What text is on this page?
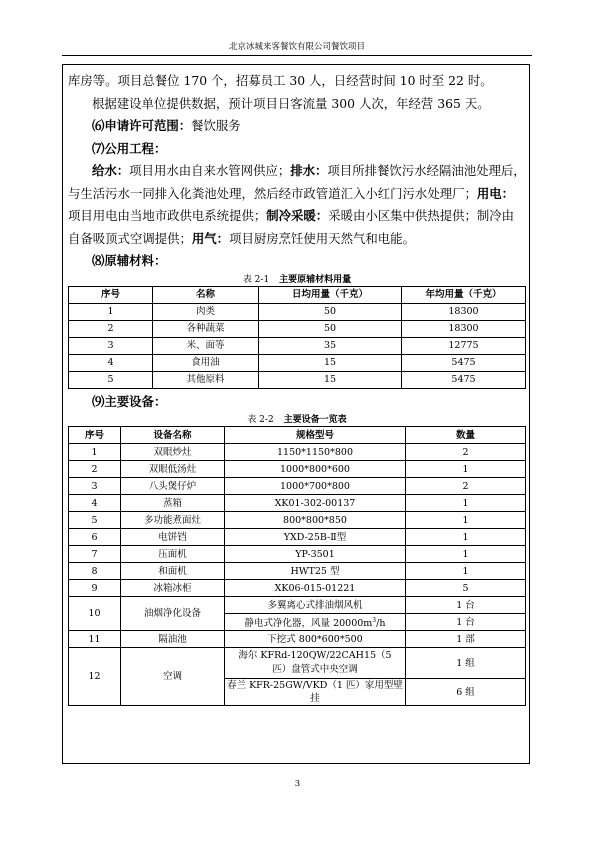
北京冰城来客餐饮有限公司餐饮项目

库房等。项目总餐位 170 个，招募员工 30 人，日经营时间 10 时至 22 时。

根据建设单位提供数据，预计项目日客流量 300 人次，年经营 365 天。

⑹申请许可范围：餐饮服务

⑺公用工程：

给水：项目用水由自来水管网供应；排水：项目所排餐饮污水经隔油池处理后，与生活污水一同排入化粪池处理，然后经市政管道汇入小红门污水处理厂；用电：项目用电由当地市政供电系统提供；制冷采暖：采暖由小区集中供热提供；制冷由自备吸顶式空调提供；用气：项目厨房烹饪使用天然气和电能。

⑻原辅材料：

表 2-1 主要原辅材料用量
序号	名称	日均用量（千克）	年均用量（千克）
1	肉类	50	18300
2	各种蔬菜	50	18300
3	米、面等	35	12775
4	食用油	15	5475
5	其他原料	15	5475

⑼主要设备：

表 2-2 主要设备一览表
序号	设备名称	规格型号	数量
1	双眼炒灶	1150*1150*800	2
2	双眼低汤灶	1000*800*600	1
3	八头煲仔炉	1000*700*800	2
4	蒸箱	XK01-302-00137	1
5	多功能煮面灶	800*800*850	1
6	电饼铛	YXD-25B-Ⅱ型	1
7	压面机	YP-3501	1
8	和面机	HWT25 型	1
9	冰箱冰柜	XK06-015-01221	5
10	油烟净化设备	多翼离心式排油烟风机	1 台
		静电式净化器，风量 $20000m^3/h$	1 台
11	隔油池	下挖式 800*600*500	1 部
12	空调	海尔 KFRd-120QW/22CAH15（5 匹）盘管式中央空调	1 组
		春兰 KFR-25GW/VKD（1 匹）家用型壁挂	6 组
3
